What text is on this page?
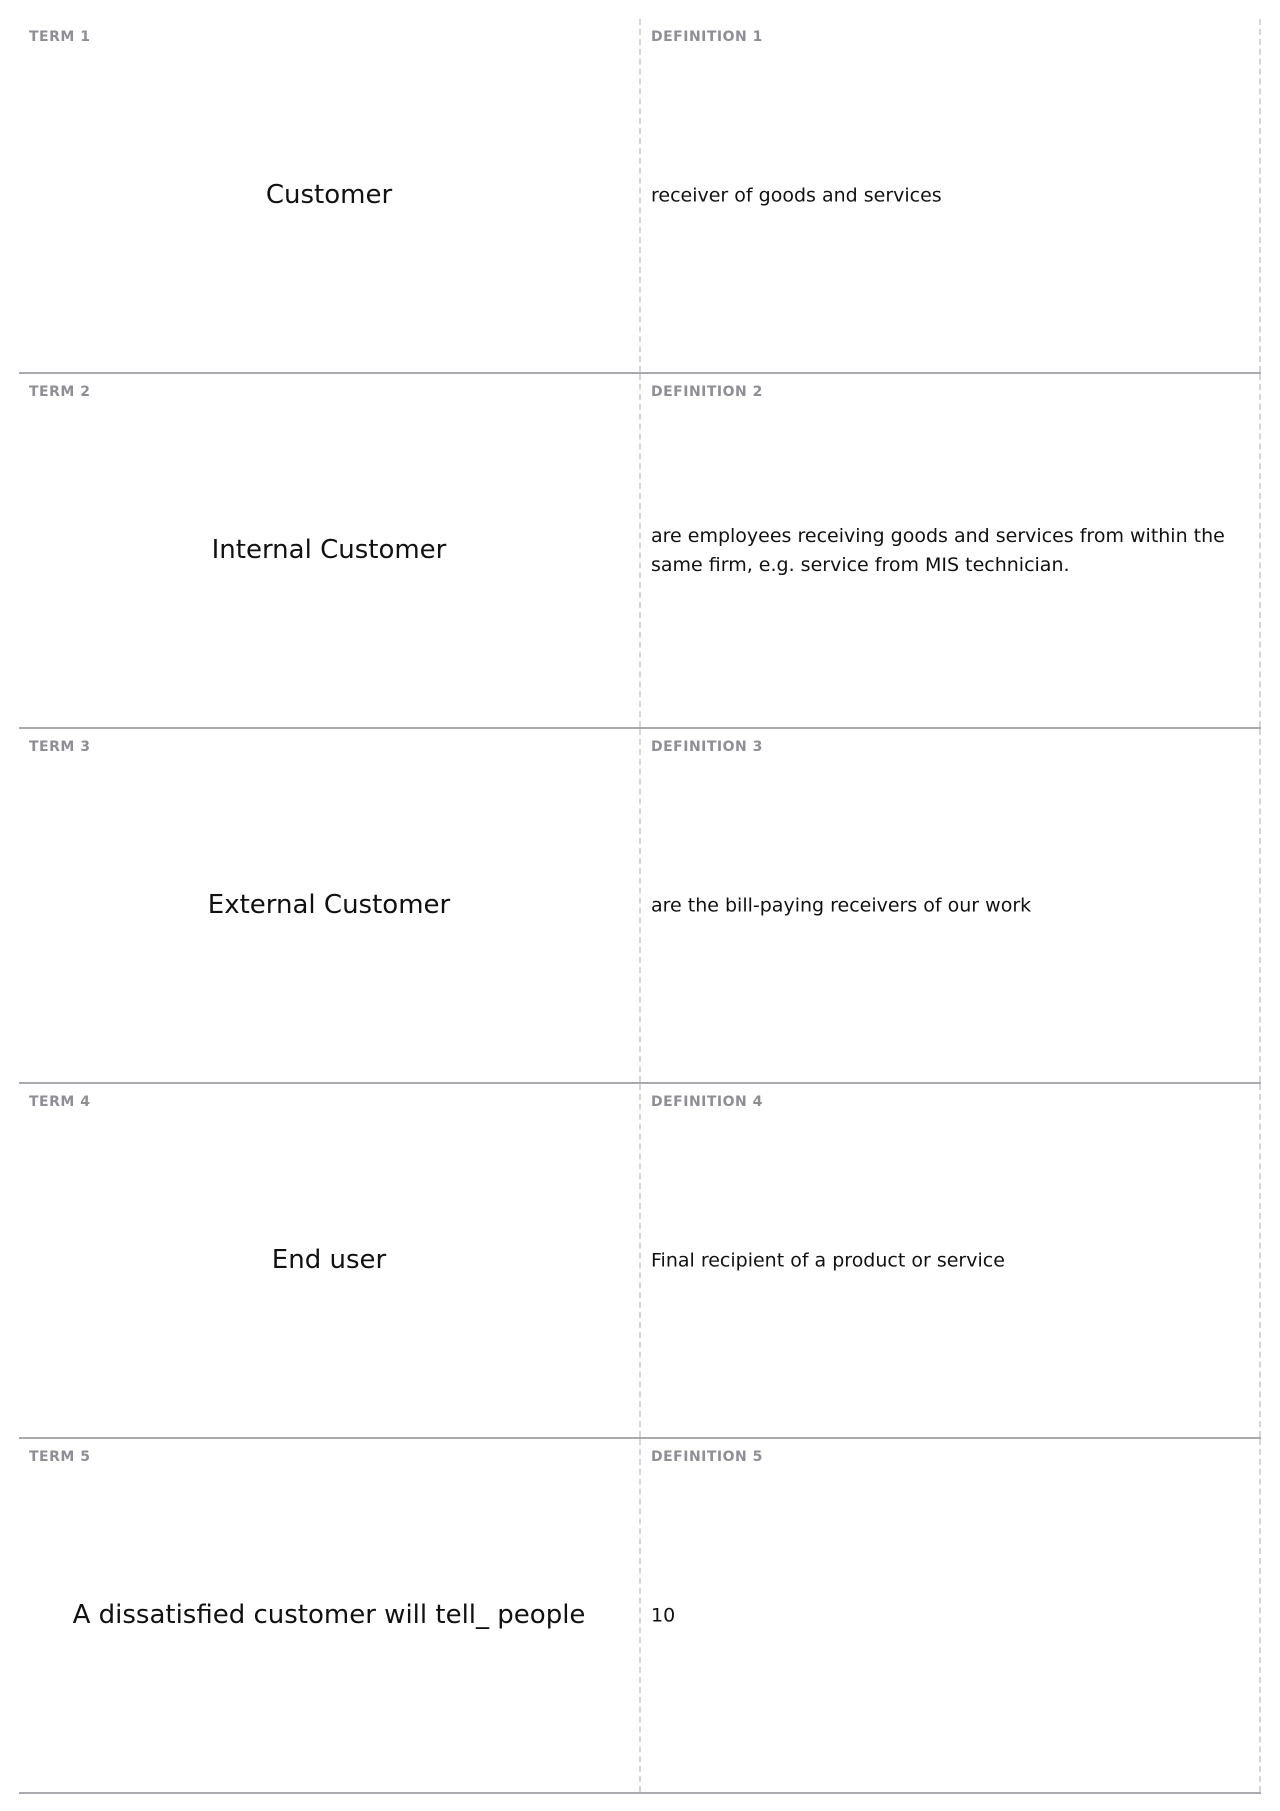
TERM 1
Customer
DEFINITION 1
receiver of goods and services
TERM 2
Internal Customer
DEFINITION 2
are employees receiving goods and services from within the same firm, e.g. service from MIS technician.
TERM 3
External Customer
DEFINITION 3
are the bill-paying receivers of our work
TERM 4
End user
DEFINITION 4
Final recipient of a product or service
TERM 5
A dissatisfied customer will tell_ people
DEFINITION 5
10
